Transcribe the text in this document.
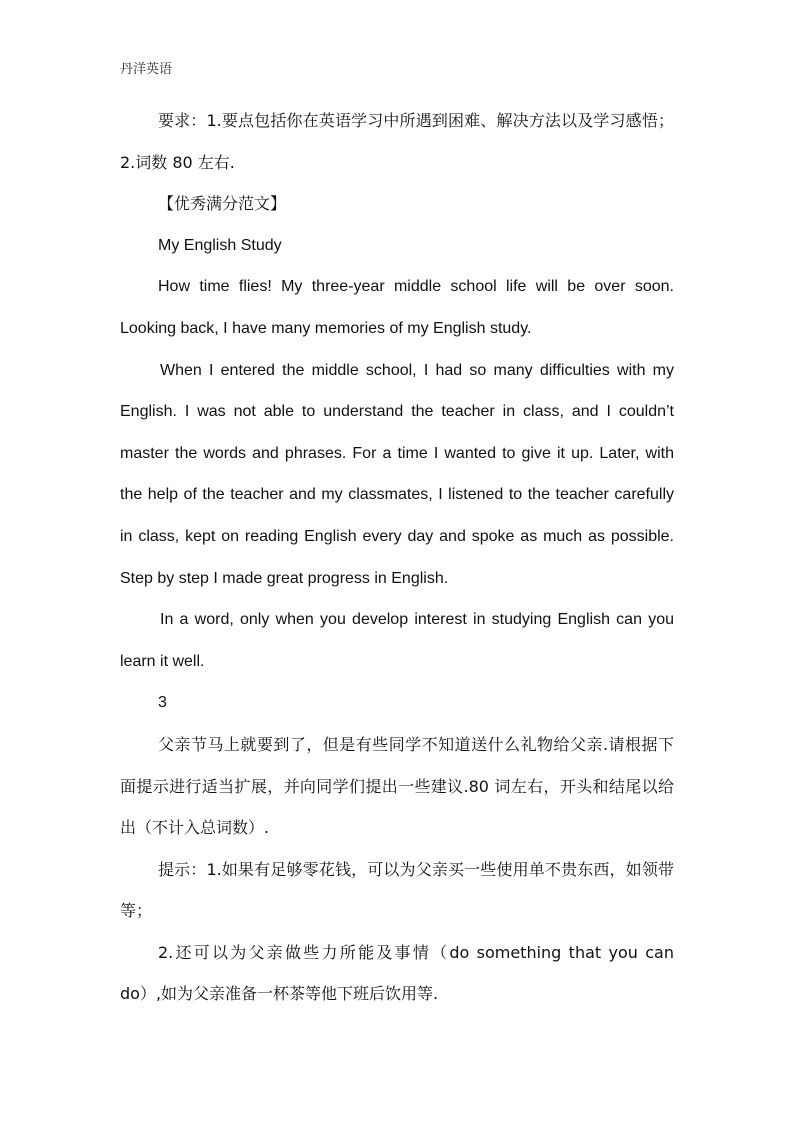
丹洋英语

要求：1.要点包括你在英语学习中所遇到困难、解决方法以及学习感悟；2.词数 80 左右.

【优秀满分范文】

My English Study

How time flies! My three-year middle school life will be over soon. Looking back, I have many memories of my English study.

When I entered the middle school, I had so many difficulties with my English. I was not able to understand the teacher in class, and I couldn’t master the words and phrases. For a time I wanted to give it up. Later, with the help of the teacher and my classmates, I listened to the teacher carefully in class, kept on reading English every day and spoke as much as possible. Step by step I made great progress in English.

In a word, only when you develop interest in studying English can you learn it well.

3

父亲节马上就要到了，但是有些同学不知道送什么礼物给父亲.请根据下面提示进行适当扩展，并向同学们提出一些建议.80 词左右，开头和结尾以给出（不计入总词数）.

提示：1.如果有足够零花钱，可以为父亲买一些使用单不贵东西，如领带等；

2.还可以为父亲做些力所能及事情（do something that you can do）,如为父亲准备一杯茶等他下班后饮用等.
